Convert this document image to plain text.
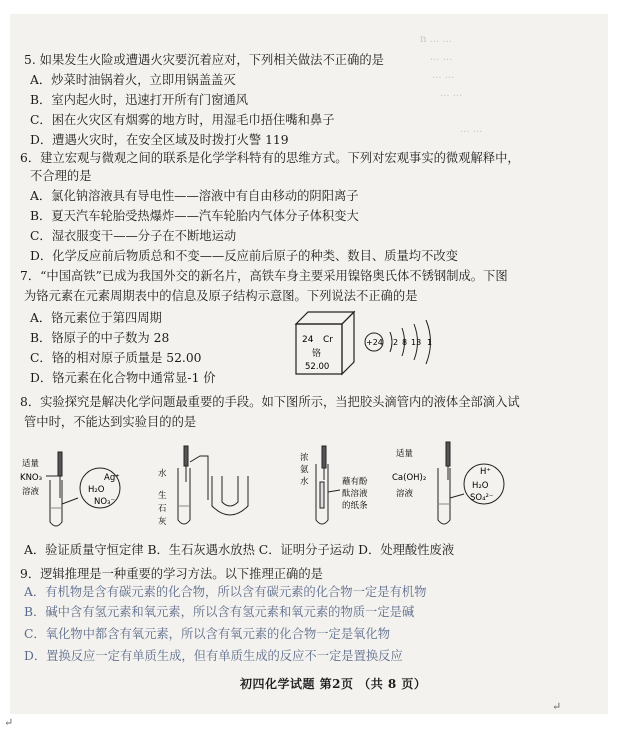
n ... ...
... ...
... ...
... ...
... ...
5. 如果发生火险或遭遇火灾要沉着应对，下列相关做法不正确的是
A．炒菜时油锅着火，立即用锅盖盖灭
B．室内起火时，迅速打开所有门窗通风
C．困在火灾区有烟雾的地方时，用湿毛巾捂住嘴和鼻子
D．遭遇火灾时，在安全区域及时拨打火警 119
6．建立宏观与微观之间的联系是化学学科特有的思维方式。下列对宏观事实的微观解释中，
不合理的是
A．氯化钠溶液具有导电性——溶液中有自由移动的阴阳离子
B．夏天汽车轮胎受热爆炸——汽车轮胎内气体分子体积变大
C．湿衣服变干——分子在不断地运动
D．化学反应前后物质总和不变——反应前后原子的种类、数目、质量均不改变
7．“中国高铁”已成为我国外交的新名片，高铁车身主要采用镍铬奥氏体不锈钢制成。下图
为铬元素在元素周期表中的信息及原子结构示意图。下列说法不正确的是
A．铬元素位于第四周期
B．铬原子的中子数为 28
C．铬的相对原子质量是 52.00
D．铬元素在化合物中通常显-1 价
24 Cr
铬
52.00
+24 2 8 13 1
8．实验探究是解决化学问题最重要的手段。如下图所示，当把胶头滴管内的液体全部滴入试
管中时，不能达到实验目的的是
适量
KNO₃
溶液
Ag⁺
H₂O
NO₃⁻
水
生
石
灰
浓
氨
水	蘸有酚
酞溶液
的纸条
适量
Ca(OH)₂
溶液
H⁺
H₂O
SO₄²⁻
A．验证质量守恒定律 B．生石灰遇水放热 C．证明分子运动 D．处理酸性废液
9．逻辑推理是一种重要的学习方法。以下推理正确的是
A．有机物是含有碳元素的化合物，所以含有碳元素的化合物一定是有机物
B．碱中含有氢元素和氧元素，所以含有氢元素和氧元素的物质一定是碱
C．氧化物中都含有氧元素，所以含有氧元素的化合物一定是氧化物
D．置换反应一定有单质生成，但有单质生成的反应不一定是置换反应
初四化学试题 第2页 （共 8 页）
↵
↵
